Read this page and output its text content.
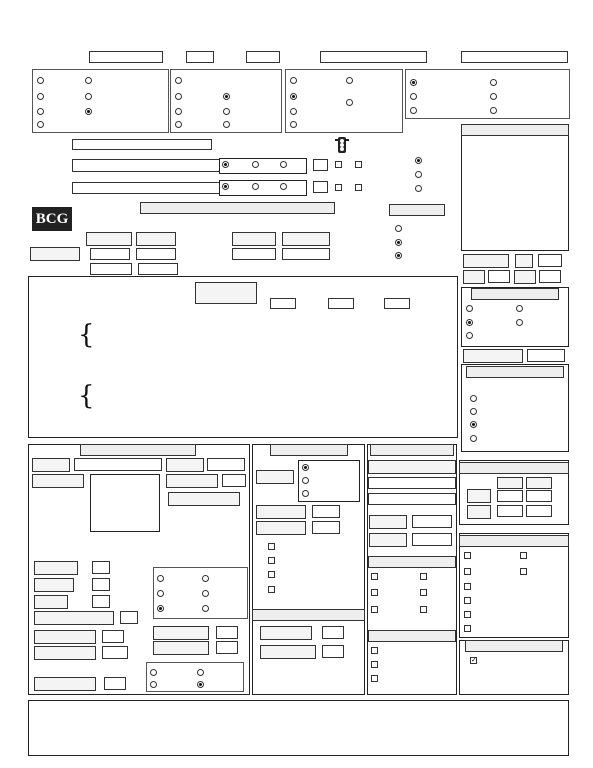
BCG
{
{
✓
